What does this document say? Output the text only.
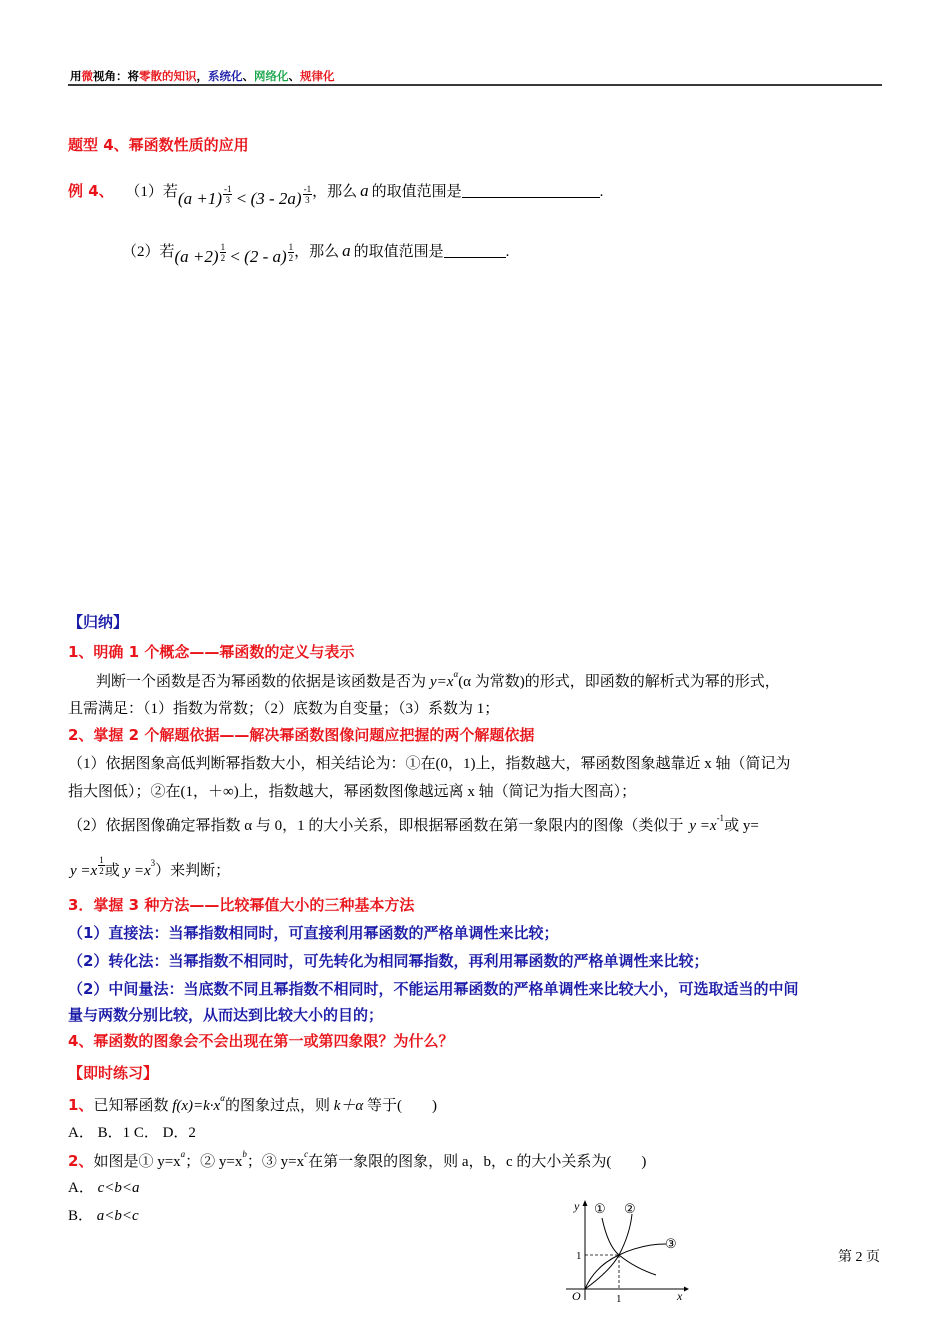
用微视角：将零散的知识，系统化、网络化、规律化
题型 4、幂函数性质的应用
例 4、 （1）若$(a +1) \frac{-1}{3} < (3 - 2a) \frac{-1}{3}$ ，那么 a 的取值范围是	.
（2）若$(a +2) \frac{1}{2} < (2 - a) \frac{1}{2}$ ，那么 a 的取值范围是	.
【归纳】
1、明确 1 个概念——幂函数的定义与表示
判断一个函数是否为幂函数的依据是该函数是否为 $y=x^\alpha(\alpha$ 为常数)的形式，即函数的解析式为幂的形式，
且需满足：（1）指数为常数；（2）底数为自变量；（3）系数为 1；
2、掌握 2 个解题依据——解决幂函数图像问题应把握的两个解题依据
（1）依据图象高低判断幂指数大小，相关结论为：①在(0，1)上，指数越大，幂函数图象越靠近 x 轴（简记为
指大图低）；②在(1，＋∞)上，指数越大，幂函数图像越远离 x 轴（简记为指大图高）；
（2）依据图像确定幂指数 α 与 0，1 的大小关系，即根据幂函数在第一象限内的图像（类似于 $y =x^{-1}$或 y=
$y =x \frac{1}{2}$ 或 $y =x^3$）来判断；
3．掌握 3 种方法——比较幂值大小的三种基本方法
（1）直接法：当幂指数相同时，可直接利用幂函数的严格单调性来比较；
（2）转化法：当幂指数不相同时，可先转化为相同幂指数，再利用幂函数的严格单调性来比较；
（2）中间量法：当底数不同且幂指数不相同时，不能运用幂函数的严格单调性来比较大小，可选取适当的中间
量与两数分别比较，从而达到比较大小的目的；
4、幂函数的图象会不会出现在第一或第四象限？为什么？
【即时练习】
1、已知幂函数 $f(x)=k\cdot x^\alpha$的图象过点，则 k＋α 等于(　　)
A． B．1 C． D．2
2、如图是① $y=x^a$；② $y=x^b$；③ $y=x^c$在第一象限的图象，则 a，b，c 的大小关系为(　　)
A． c<b<a
B． a<b<c
y
x
O	1
1
① ②
③
第 2 页
